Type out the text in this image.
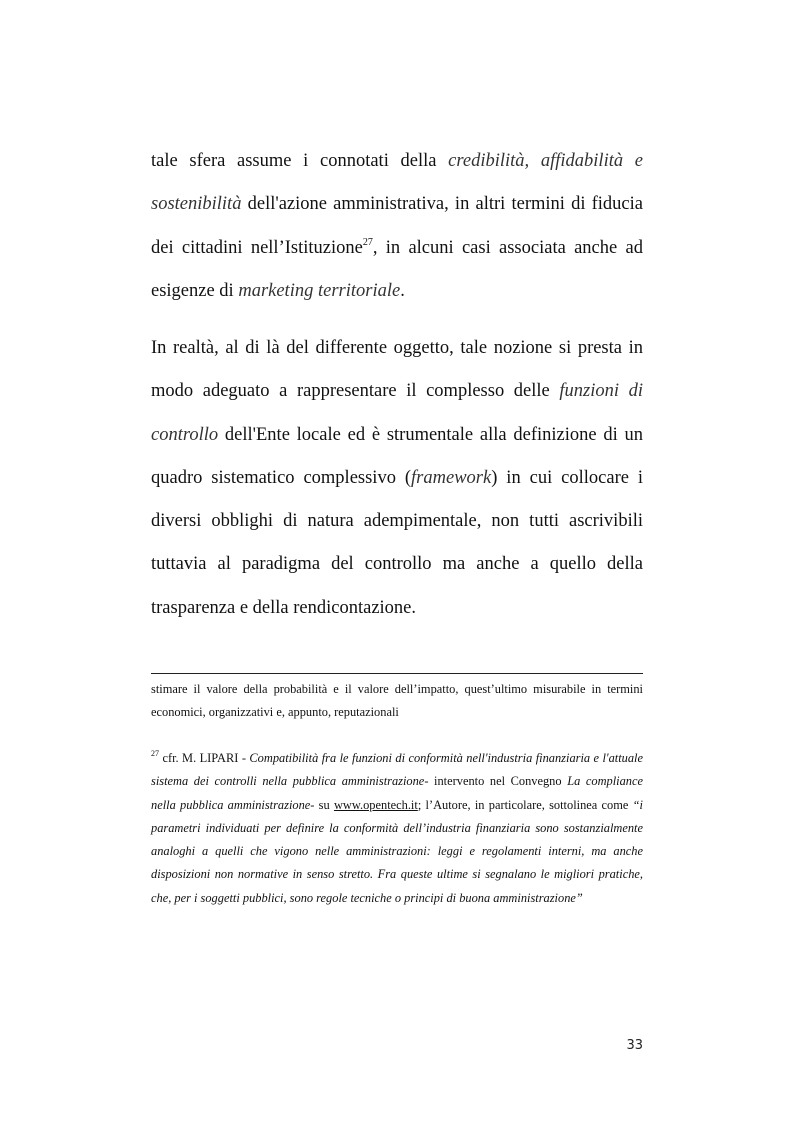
tale sfera assume i connotati della credibilità, affidabilità e sostenibilità dell'azione amministrativa, in altri termini di fiducia dei cittadini nell’Istituzione$^{27}$, in alcuni casi associata anche ad esigenze di marketing territoriale.

In realtà, al di là del differente oggetto, tale nozione si presta in modo adeguato a rappresentare il complesso delle funzioni di controllo dell'Ente locale ed è strumentale alla definizione di un quadro sistematico complessivo (framework) in cui collocare i diversi obblighi di natura adempimentale, non tutti ascrivibili tuttavia al paradigma del controllo ma anche a quello della trasparenza e della rendicontazione.

stimare il valore della probabilità e il valore dell’impatto, quest’ultimo misurabile in termini economici, organizzativi e, appunto, reputazionali

$^{27}$ cfr. M. LIPARI - Compatibilità fra le funzioni di conformità nell'industria finanziaria e l'attuale sistema dei controlli nella pubblica amministrazione- intervento nel Convegno La compliance nella pubblica amministrazione- su www.opentech.it; l’Autore, in particolare, sottolinea come “i parametri individuati per definire la conformità dell’industria finanziaria sono sostanzialmente analoghi a quelli che vigono nelle amministrazioni: leggi e regolamenti interni, ma anche disposizioni non normative in senso stretto. Fra queste ultime si segnalano le migliori pratiche, che, per i soggetti pubblici, sono regole tecniche o principi di buona amministrazione”

33
